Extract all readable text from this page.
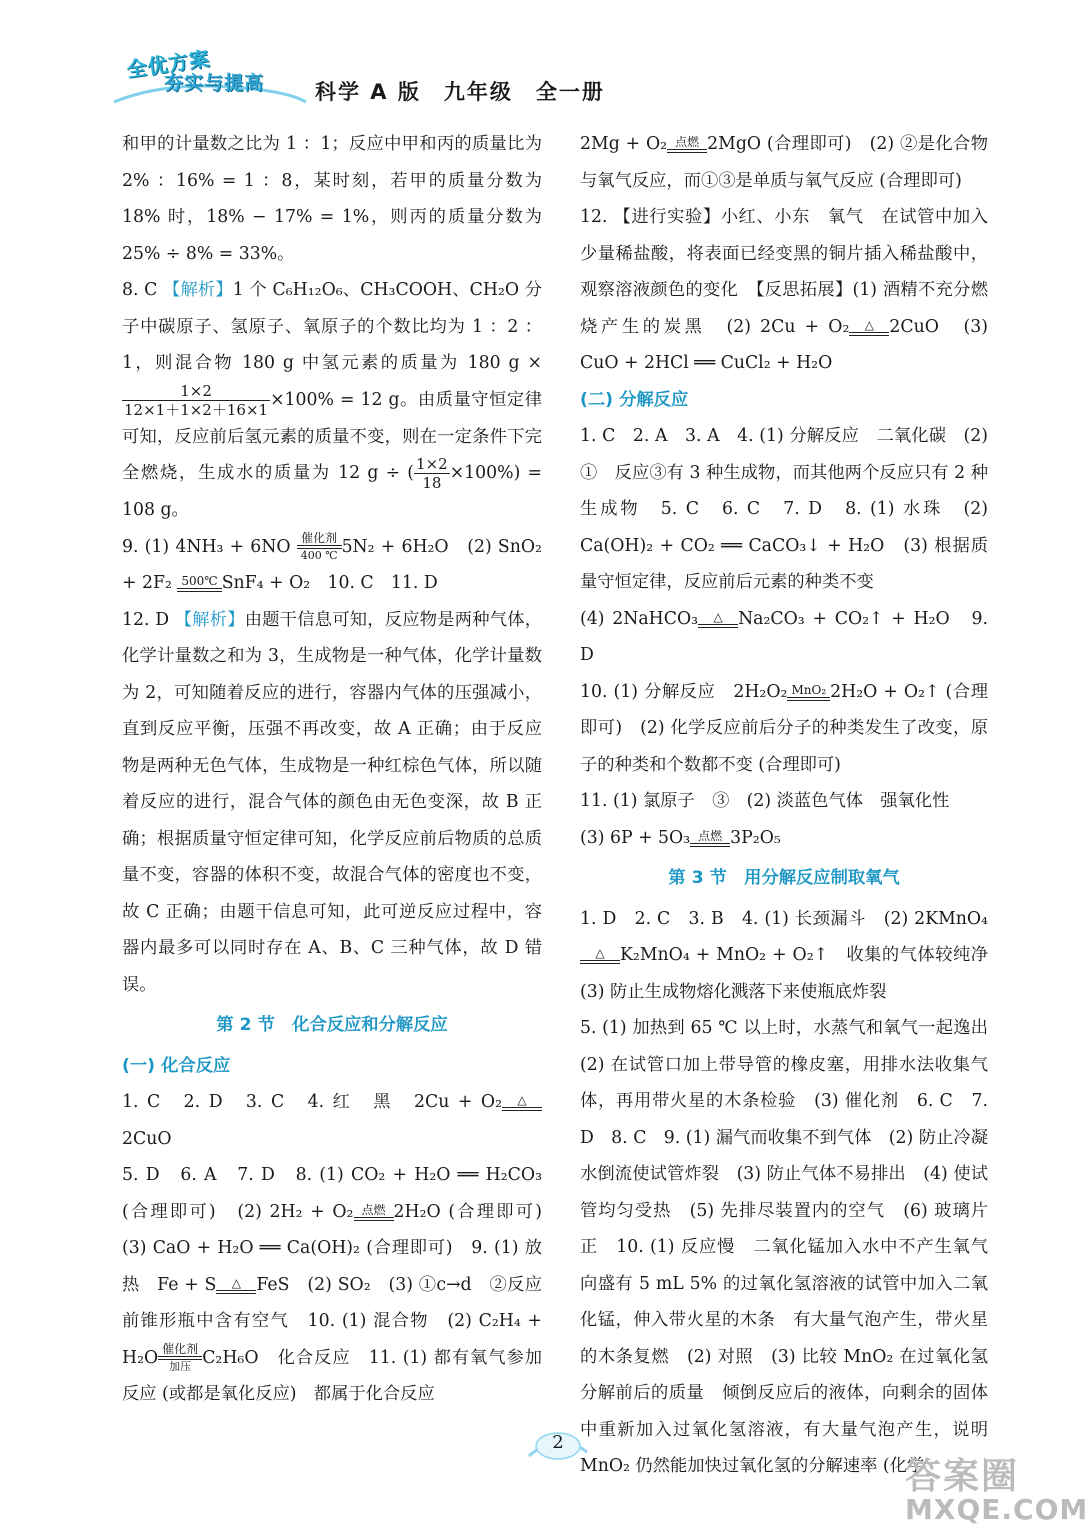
全优方案
夯实与提高 科学 A 版　九年级　全一册

和甲的计量数之比为 1 ：1；反应中甲和丙的质量比为 2% ：16% = 1 ：8，某时刻，若甲的质量分数为 18% 时，18% − 17% = 1%，则丙的质量分数为 25% ÷ 8% = 33%。

8. C 【解析】1 个 C₆H₁₂O₆、CH₃COOH、CH₂O 分子中碳原子、氢原子、氧原子的个数比均为 1 ：2 ：1，则混合物 180 g 中氢元素的质量为 180 g ×
$\frac{1\times 2}{12\times 1+1\times 2+16\times 1} \times 100\% = 12$ g。由质量守恒定律可知，反应前后氢元素的质量不变，则在一定条件下完全燃烧，生成水的质量为 12 g ÷ ( $\frac{1\times 2}{18} \times 100\%) = 108$ g。

9. (1) 4NH₃ + 6NO 催化剂
400 ℃ 5N₂ + 6H₂O　(2) SnO₂ + 2F₂ 500℃ SnF₄ + O₂　10. C　11. D

12. D 【解析】由题干信息可知，反应物是两种气体，化学计量数之和为 3，生成物是一种气体，化学计量数为 2，可知随着反应的进行，容器内气体的压强减小，直到反应平衡，压强不再改变，故 A 正确；由于反应物是两种无色气体，生成物是一种红棕色气体，所以随着反应的进行，混合气体的颜色由无色变深，故 B 正确；根据质量守恒定律可知，化学反应前后物质的总质量不变，容器的体积不变，故混合气体的密度也不变，故 C 正确；由题干信息可知，此可逆反应过程中，容器内最多可以同时存在 A、B、C 三种气体，故 D 错误。

第 2 节　化合反应和分解反应
(一) 化合反应

1. C　2. D　3. C　4. 红　黑　2Cu + O₂	△
2CuO

5. D　6. A　7. D　8. (1) CO₂ + H₂O ══ H₂CO₃ (合理即可)　(2) 2H₂ + O₂ 点燃 2H₂O (合理即可)　(3) CaO + H₂O ══ Ca(OH)₂ (合理即可)　9. (1) 放热　Fe + S	△ FeS　(2) SO₂　(3) ①c→d　②反应前锥形瓶中含有空气　10. (1) 混合物　(2) C₂H₄ + H₂O 催化剂
加压 C₂H₆O　化合反应　11. (1) 都有氧气参加反应 (或都是氧化反应)　都属于化合反应

2Mg + O₂ 点燃 2MgO (合理即可)　(2) ②是化合物与氧气反应，而①③是单质与氧气反应 (合理即可)

12. 【进行实验】小红、小东　氧气　在试管中加入少量稀盐酸，将表面已经变黑的铜片插入稀盐酸中，观察溶液颜色的变化　【反思拓展】(1) 酒精不充分燃烧产生的炭黑　(2) 2Cu + O₂	△ 2CuO　(3) CuO + 2HCl ══ CuCl₂ + H₂O

(二) 分解反应

1. C　2. A　3. A　4. (1) 分解反应　二氧化碳　(2) ①　反应③有 3 种生成物，而其他两个反应只有 2 种生成物　5. C　6. C　7. D　8. (1) 水珠　(2) Ca(OH)₂ + CO₂ ══ CaCO₃↓ + H₂O　(3) 根据质量守恒定律，反应前后元素的种类不变

(4) 2NaHCO₃	△ Na₂CO₃ + CO₂↑ + H₂O　9. D

10. (1) 分解反应　2H₂O₂ MnO₂ 2H₂O + O₂↑ (合理即可)　(2) 化学反应前后分子的种类发生了改变，原子的种类和个数都不变 (合理即可)

11. (1) 氯原子　③　(2) 淡蓝色气体　强氧化性

(3) 6P + 5O₃ 点燃 3P₂O₅

第 3 节　用分解反应制取氧气

1. D　2. C　3. B　4. (1) 长颈漏斗　(2) 2KMnO₄
△ K₂MnO₄ + MnO₂ + O₂↑　收集的气体较纯净　(3) 防止生成物熔化溅落下来使瓶底炸裂

5. (1) 加热到 65 ℃ 以上时，水蒸气和氧气一起逸出　(2) 在试管口加上带导管的橡皮塞，用排水法收集气体，再用带火星的木条检验　(3) 催化剂　6. C　7. D　8. C　9. (1) 漏气而收集不到气体　(2) 防止冷凝水倒流使试管炸裂　(3) 防止气体不易排出　(4) 使试管均匀受热　(5) 先排尽装置内的空气　(6) 玻璃片　正　10. (1) 反应慢　二氧化锰加入水中不产生氧气　向盛有 5 mL 5% 的过氧化氢溶液的试管中加入二氧化锰，伸入带火星的木条　有大量气泡产生，带火星的木条复燃　(2) 对照　(3) 比较 MnO₂ 在过氧化氢分解前后的质量　倾倒反应后的液体，向剩余的固体中重新加入过氧化氢溶液，有大量气泡产生，说明 MnO₂ 仍然能加快过氧化氢的分解速率 (化学

2
答案圈
MXQE.COM
